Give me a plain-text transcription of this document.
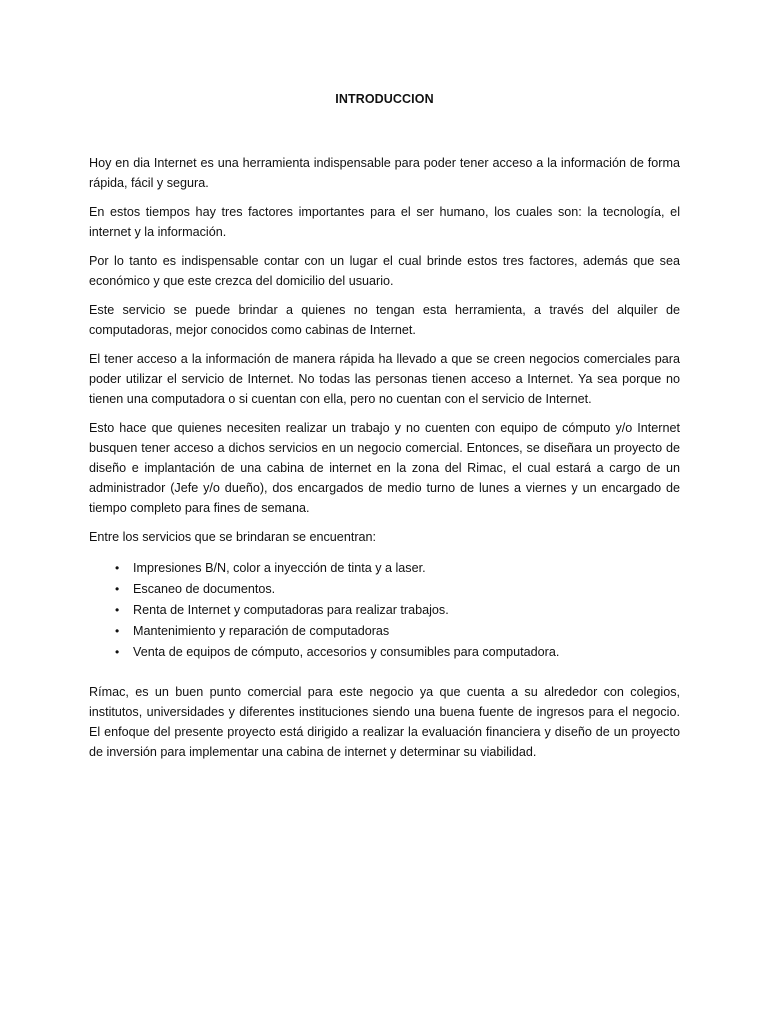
INTRODUCCION

Hoy en dia Internet es una herramienta indispensable para poder tener acceso a la información de forma rápida, fácil y segura.

En estos tiempos hay tres factores importantes para el ser humano, los cuales son: la tecnología, el internet y la información.

Por lo tanto es indispensable contar con un lugar el cual brinde estos tres factores, además que sea económico y que este crezca del domicilio del usuario.

Este servicio se puede brindar a quienes no tengan esta herramienta, a través del alquiler de computadoras, mejor conocidos como cabinas de Internet.

El tener acceso a la información de manera rápida ha llevado a que se creen negocios comerciales para poder utilizar el servicio de Internet. No todas las personas tienen acceso a Internet. Ya sea porque no tienen una computadora o si cuentan con ella, pero no cuentan con el servicio de Internet.

Esto hace que quienes necesiten realizar un trabajo y no cuenten con equipo de cómputo y/o Internet busquen tener acceso a dichos servicios en un negocio comercial. Entonces, se diseñara un proyecto de diseño e implantación de una cabina de internet en la zona del Rimac, el cual estará a cargo de un administrador (Jefe y/o dueño), dos encargados de medio turno de lunes a viernes y un encargado de tiempo completo para fines de semana.

Entre los servicios que se brindaran se encuentran:

• Impresiones B/N, color a inyección de tinta y a laser.
• Escaneo de documentos.
• Renta de Internet y computadoras para realizar trabajos.
• Mantenimiento y reparación de computadoras
• Venta de equipos de cómputo, accesorios y consumibles para computadora.

Rímac, es un buen punto comercial para este negocio ya que cuenta a su alrededor con colegios, institutos, universidades y diferentes instituciones siendo una buena fuente de ingresos para el negocio. El enfoque del presente proyecto está dirigido a realizar la evaluación financiera y diseño de un proyecto de inversión para implementar una cabina de internet y determinar su viabilidad.
